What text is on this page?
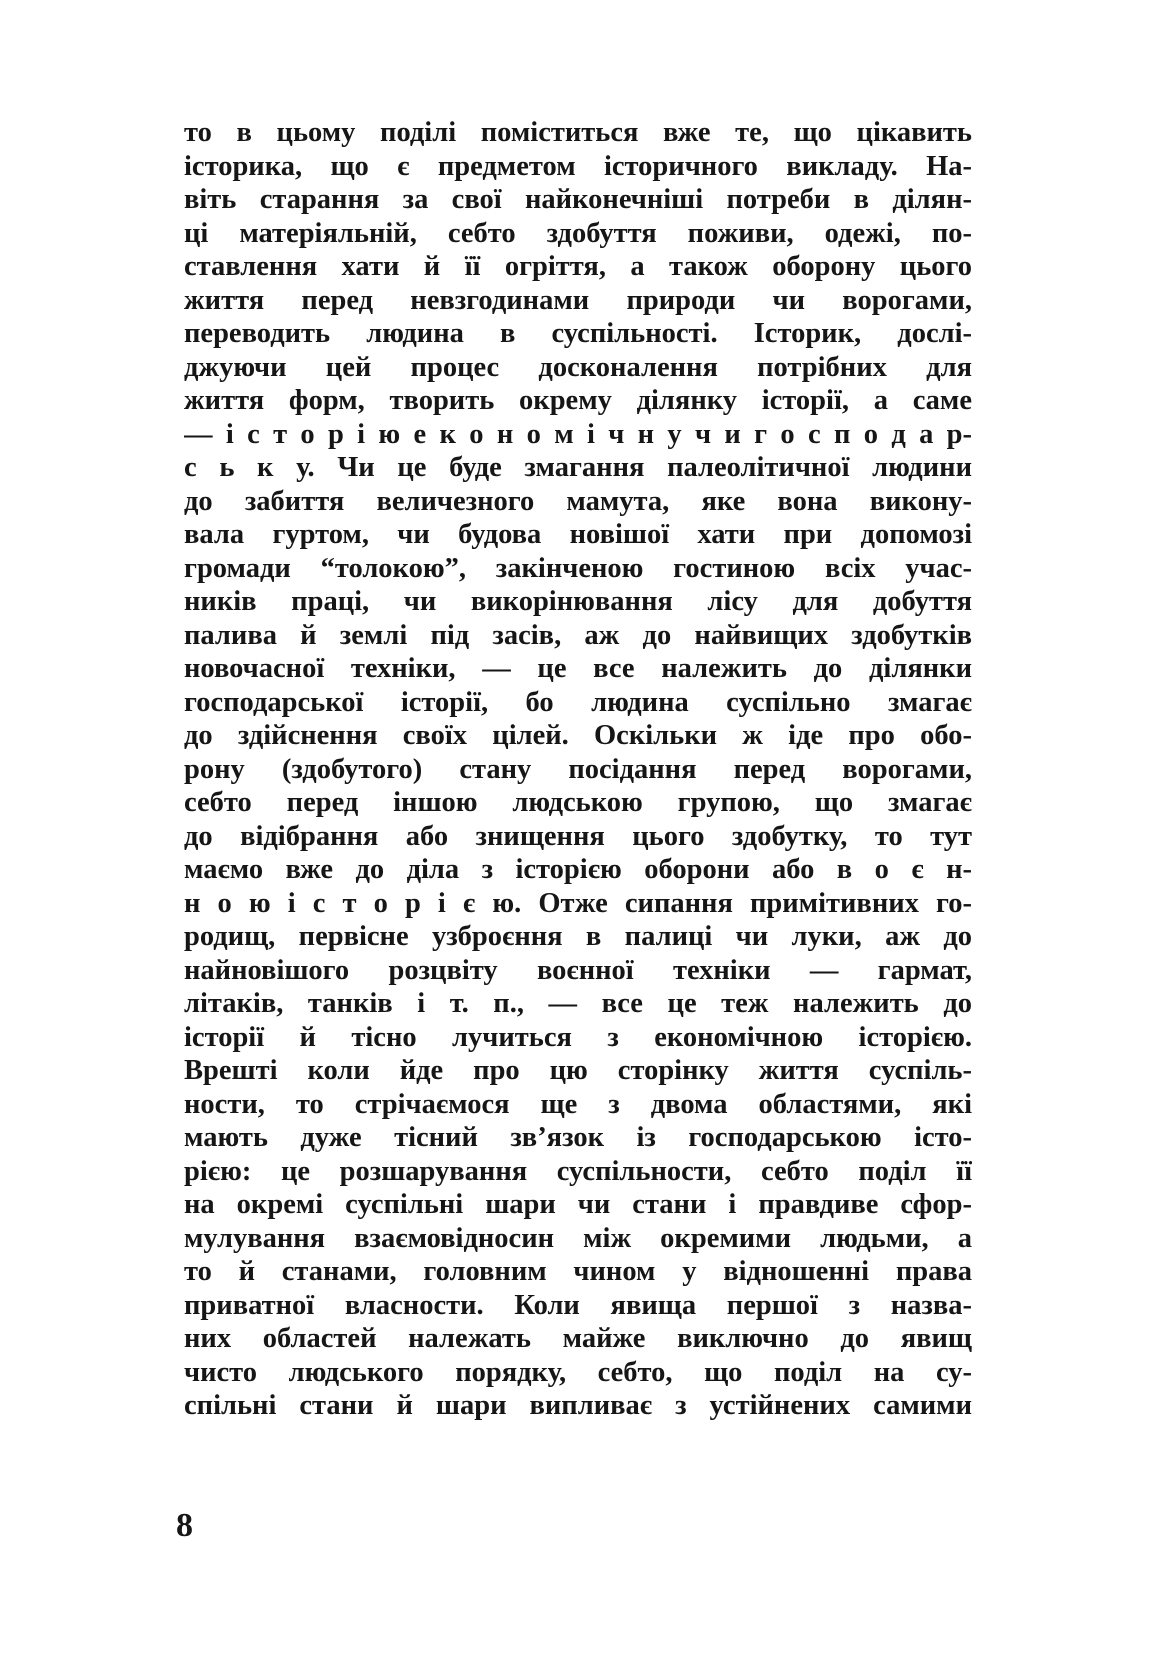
то в цьому поділі поміститься вже те, що цікавить
історика, що є предметом історичного викладу. На-
віть старання за свої найконечніші потреби в ділян-
ці матеріяльній, себто здобуття поживи, одежі, по-
ставлення хати й її огріття, а також оборону цього
життя перед невзгодинами природи чи ворогами,
переводить людина в суспільності. Історик, дослі-
джуючи цей процес досконалення потрібних для
життя форм, творить окрему ділянку історії, а саме
— і с т о р і ю е к о н о м і ч н у ч и г о с п о д а р-
с ь к у. Чи це буде змагання палеолітичної людини
до забиття величезного мамута, яке вона викону-
вала гуртом, чи будова новішої хати при допомозі
громади “толокою”, закінченою гостиною всіх учас-
ників праці, чи викорінювання лісу для добуття
палива й землі під засів, аж до найвищих здобутків
новочасної техніки, — це все належить до ділянки
господарської історії, бо людина суспільно змагає
до здійснення своїх цілей. Оскільки ж іде про обо-
рону (здобутого) стану посідання перед ворогами,
себто перед іншою людською групою, що змагає
до відібрання або знищення цього здобутку, то тут
маємо вже до діла з історією оборони або в о є н-
н о ю і с т о р і є ю. Отже сипання примітивних го-
родищ, первісне узброєння в палиці чи луки, аж до
найновішого розцвіту воєнної техніки — гармат,
літаків, танків і т. п., — все це теж належить до
історії й тісно лучиться з економічною історією.
Врешті коли йде про цю сторінку життя суспіль-
ности, то стрічаємося ще з двома областями, які
мають дуже тісний зв’язок із господарською істо-
рією: це розшарування суспільности, себто поділ її
на окремі суспільні шари чи стани і правдиве сфор-
мулування взаємовідносин між окремими людьми, а
то й станами, головним чином у відношенні права
приватної власности. Коли явища першої з назва-
них областей належать майже виключно до явищ
чисто людського порядку, себто, що поділ на су-
спільні стани й шари випливає з устійнених самими
8
